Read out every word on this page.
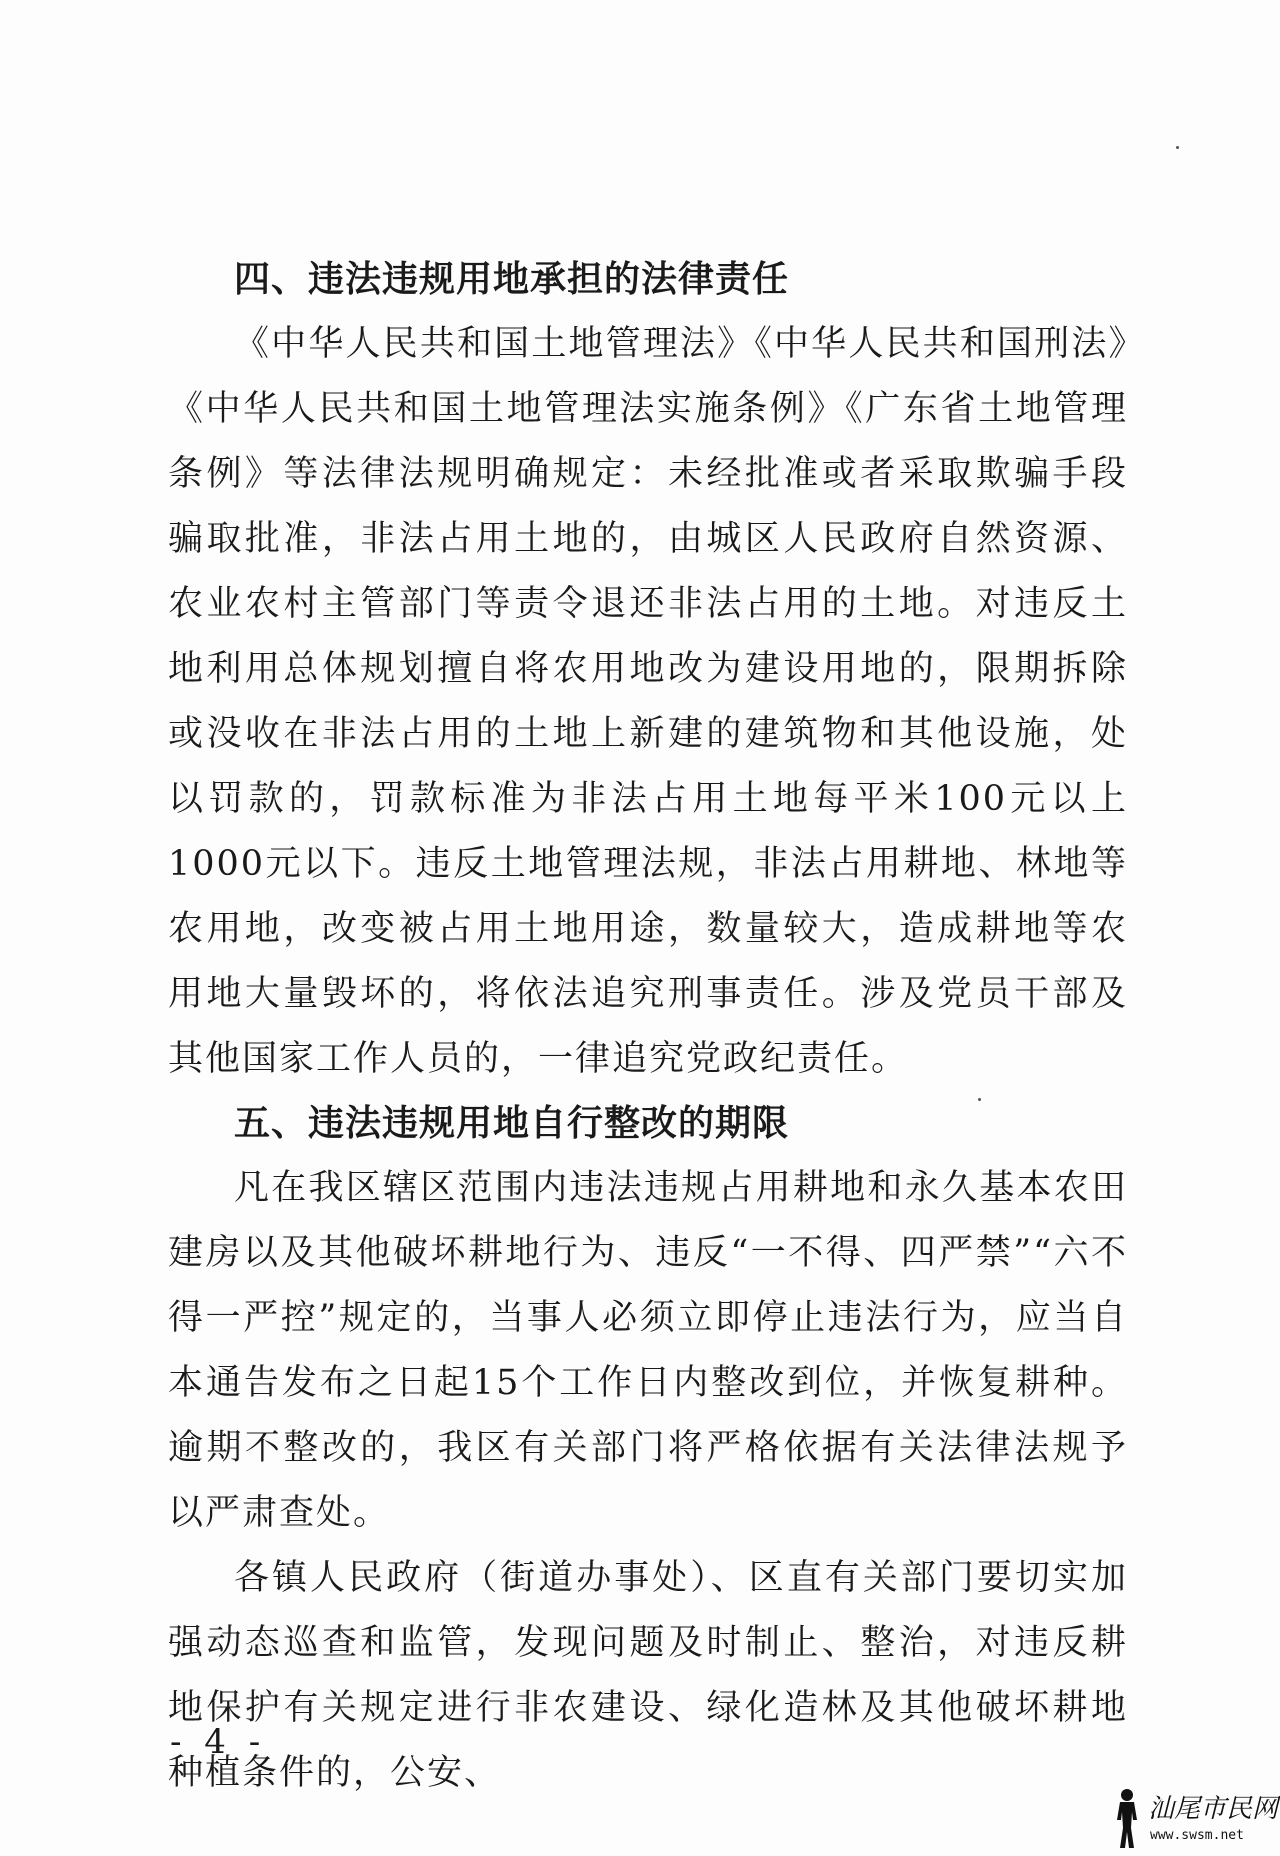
四、违法违规用地承担的法律责任

《中华人民共和国土地管理法》《中华人民共和国刑法》《中华人民共和国土地管理法实施条例》《广东省土地管理条例》等法律法规明确规定：未经批准或者采取欺骗手段骗取批准，非法占用土地的，由城区人民政府自然资源、农业农村主管部门等责令退还非法占用的土地。对违反土地利用总体规划擅自将农用地改为建设用地的，限期拆除或没收在非法占用的土地上新建的建筑物和其他设施，处以罚款的，罚款标准为非法占用土地每平米100元以上1000元以下。违反土地管理法规，非法占用耕地、林地等农用地，改变被占用土地用途，数量较大，造成耕地等农用地大量毁坏的，将依法追究刑事责任。涉及党员干部及其他国家工作人员的，一律追究党政纪责任。

五、违法违规用地自行整改的期限

凡在我区辖区范围内违法违规占用耕地和永久基本农田建房以及其他破坏耕地行为、违反“一不得、四严禁”“六不得一严控”规定的，当事人必须立即停止违法行为，应当自本通告发布之日起15个工作日内整改到位，并恢复耕种。逾期不整改的，我区有关部门将严格依据有关法律法规予以严肃查处。

各镇人民政府（街道办事处）、区直有关部门要切实加强动态巡查和监管，发现问题及时制止、整治，对违反耕地保护有关规定进行非农建设、绿化造林及其他破坏耕地种植条件的，公安、

- 4 -
汕尾市民网
www.swsm.net
